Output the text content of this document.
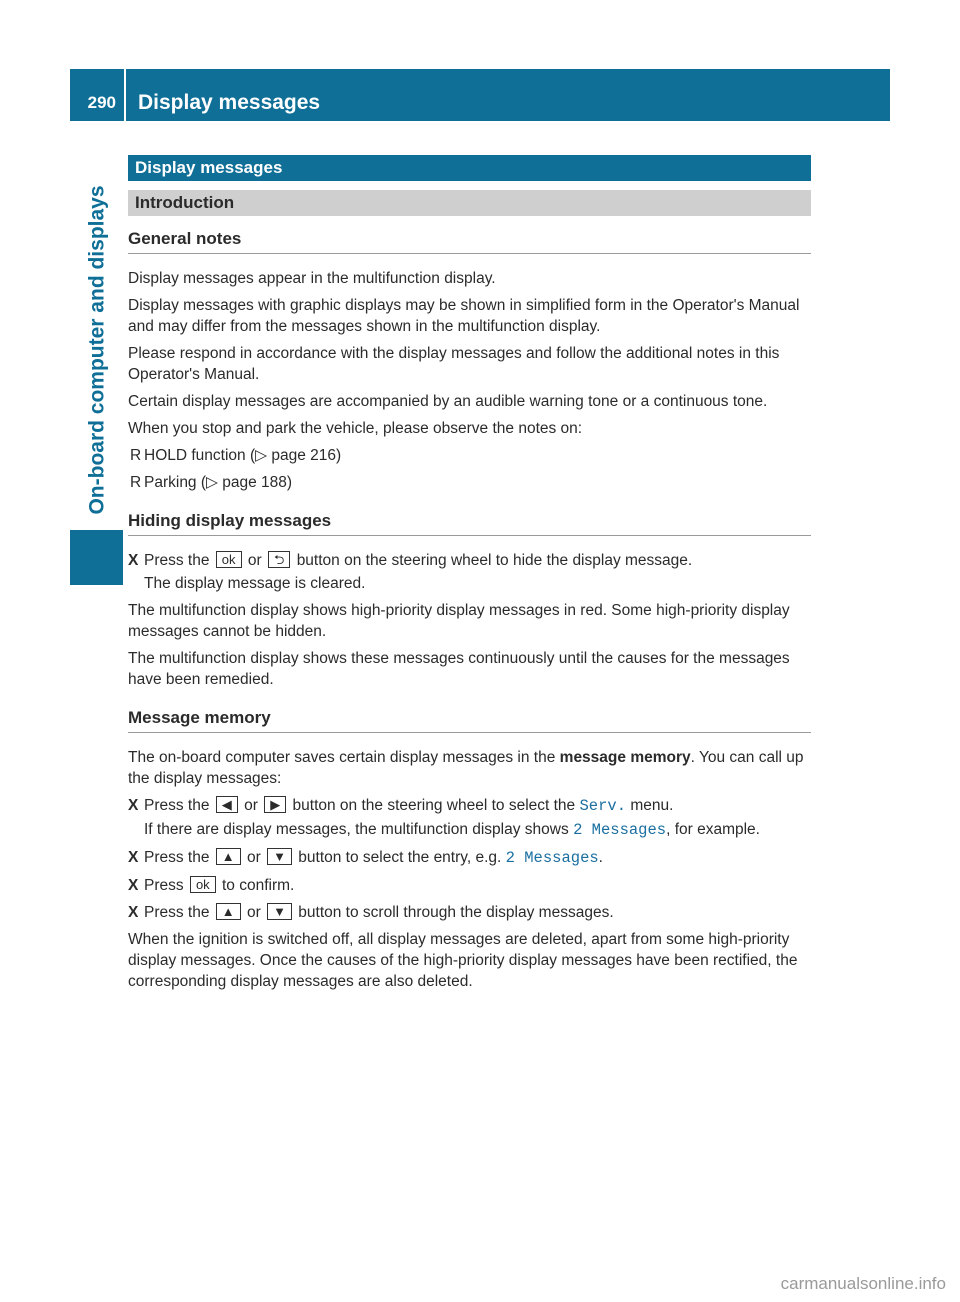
290	Display messages
On-board computer and displays
Display messages
Introduction
General notes

Display messages appear in the multifunction display.

Display messages with graphic displays may be shown in simplified form in the Operator's Manual and may differ from the messages shown in the multifunction display.

Please respond in accordance with the display messages and follow the additional notes in this Operator's Manual.

Certain display messages are accompanied by an audible warning tone or a continuous tone.

When you stop and park the vehicle, please observe the notes on:

R HOLD function (▷ page 216)

R Parking (▷ page 188)

Hiding display messages

X Press the ok or ⮌ button on the steering wheel to hide the display message.

The display message is cleared.

The multifunction display shows high-priority display messages in red. Some high-priority display messages cannot be hidden.

The multifunction display shows these messages continuously until the causes for the messages have been remedied.

Message memory

The on-board computer saves certain display messages in the message memory. You can call up the display messages:

X Press the ◀ or ▶ button on the steering wheel to select the Serv. menu.

If there are display messages, the multifunction display shows 2 Messages, for example.

X Press the ▲ or ▼ button to select the entry, e.g. 2 Messages.

X Press ok to confirm.

X Press the ▲ or ▼ button to scroll through the display messages.

When the ignition is switched off, all display messages are deleted, apart from some high-priority display messages. Once the causes of the high-priority display messages have been rectified, the corresponding display messages are also deleted.

carmanualsonline.info
